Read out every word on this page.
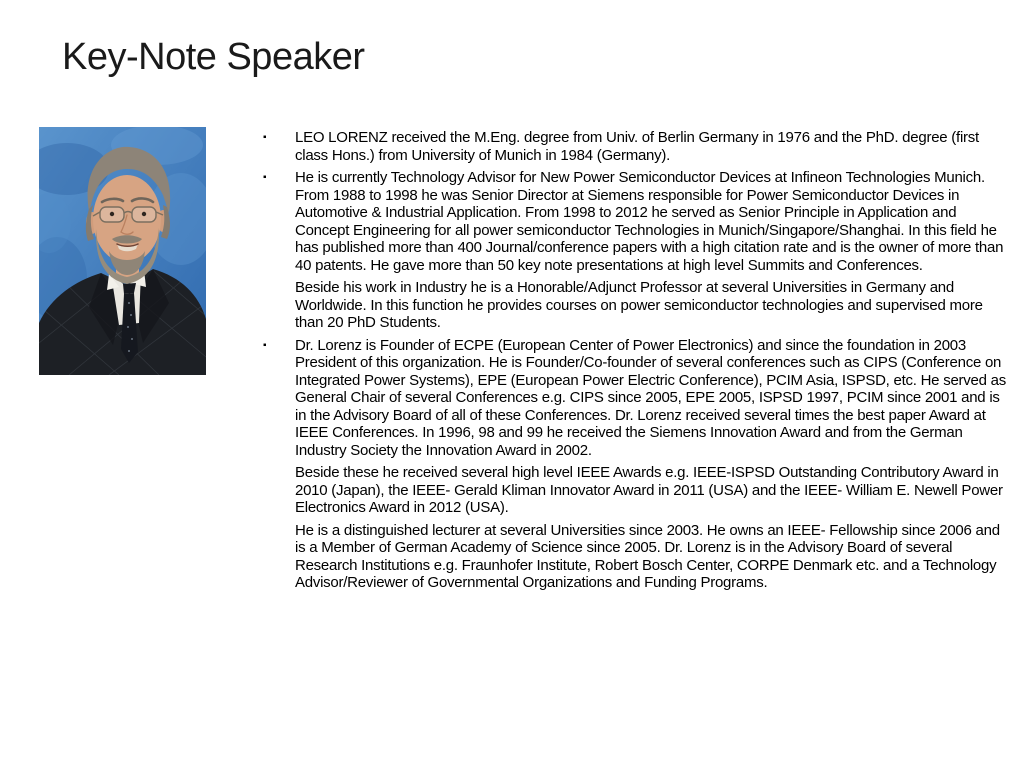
Key-Note Speaker
▪	LEO LORENZ received the M.Eng. degree from Univ. of Berlin Germany in 1976 and the PhD. degree (first class Hons.) from University of Munich in 1984 (Germany).
▪	He is currently Technology Advisor for New Power Semiconductor Devices at Infineon Technologies Munich. From 1988 to 1998 he was Senior Director at Siemens responsible for Power Semiconductor Devices in Automotive & Industrial Application. From 1998 to 2012 he served as Senior Principle in Application and Concept Engineering for all power semiconductor Technologies in Munich/Singapore/Shanghai. In this field he has published more than 400 Journal/conference papers with a high citation rate and is the owner of more than 40 patents. He gave more than 50 key note presentations at high level Summits and Conferences.
Beside his work in Industry he is a Honorable/Adjunct Professor at several Universities in Germany and Worldwide. In this function he provides courses on power semiconductor technologies and supervised more than 20 PhD Students.
▪	Dr. Lorenz is Founder of ECPE (European Center of Power Electronics) and since the foundation in 2003 President of this organization. He is Founder/Co-founder of several conferences such as CIPS (Conference on Integrated Power Systems), EPE (European Power Electric Conference), PCIM Asia, ISPSD, etc. He served as General Chair of several Conferences e.g. CIPS since 2005, EPE 2005, ISPSD 1997, PCIM since 2001 and is in the Advisory Board of all of these Conferences. Dr. Lorenz received several times the best paper Award at IEEE Conferences. In 1996, 98 and 99 he received the Siemens Innovation Award and from the German Industry Society the Innovation Award in 2002.
Beside these he received several high level IEEE Awards e.g. IEEE-ISPSD Outstanding Contributory Award in 2010 (Japan), the IEEE- Gerald Kliman Innovator Award in 2011 (USA) and the IEEE- William E. Newell Power Electronics Award in 2012 (USA).
He is a distinguished lecturer at several Universities since 2003. He owns an IEEE- Fellowship since 2006 and is a Member of German Academy of Science since 2005. Dr. Lorenz is in the Advisory Board of several Research Institutions e.g. Fraunhofer Institute, Robert Bosch Center, CORPE Denmark etc. and a Technology Advisor/Reviewer of Governmental Organizations and Funding Programs.
